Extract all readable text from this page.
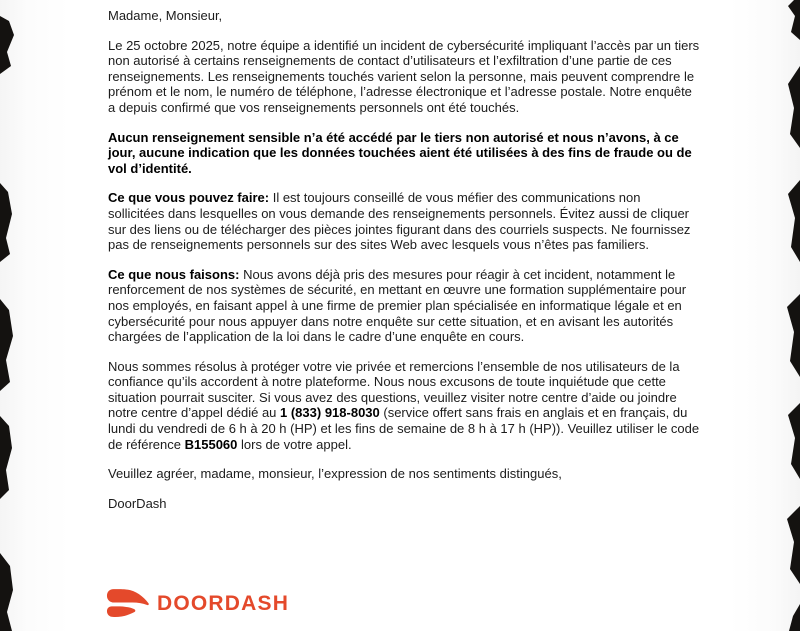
Madame, Monsieur,

Le 25 octobre 2025, notre équipe a identifié un incident de cybersécurité impliquant l’accès par un tiers non autorisé à certains renseignements de contact d’utilisateurs et l’exfiltration d’une partie de ces renseignements. Les renseignements touchés varient selon la personne, mais peuvent comprendre le prénom et le nom, le numéro de téléphone, l’adresse électronique et l’adresse postale. Notre enquête a depuis confirmé que vos renseignements personnels ont été touchés.

Aucun renseignement sensible n’a été accédé par le tiers non autorisé et nous n’avons, à ce jour, aucune indication que les données touchées aient été utilisées à des fins de fraude ou de vol d’identité.

Ce que vous pouvez faire: Il est toujours conseillé de vous méfier des communications non sollicitées dans lesquelles on vous demande des renseignements personnels. Évitez aussi de cliquer sur des liens ou de télécharger des pièces jointes figurant dans des courriels suspects. Ne fournissez pas de renseignements personnels sur des sites Web avec lesquels vous n’êtes pas familiers.

Ce que nous faisons: Nous avons déjà pris des mesures pour réagir à cet incident, notamment le renforcement de nos systèmes de sécurité, en mettant en œuvre une formation supplémentaire pour nos employés, en faisant appel à une firme de premier plan spécialisée en informatique légale et en cybersécurité pour nous appuyer dans notre enquête sur cette situation, et en avisant les autorités chargées de l’application de la loi dans le cadre d’une enquête en cours.

Nous sommes résolus à protéger votre vie privée et remercions l’ensemble de nos utilisateurs de la confiance qu’ils accordent à notre plateforme. Nous nous excusons de toute inquiétude que cette situation pourrait susciter. Si vous avez des questions, veuillez visiter notre centre d’aide ou joindre notre centre d’appel dédié au 1 (833) 918-8030 (service offert sans frais en anglais et en français, du lundi du vendredi de 6 h à 20 h (HP) et les fins de semaine de 8 h à 17 h (HP)). Veuillez utiliser le code de référence B155060 lors de votre appel.

Veuillez agréer, madame, monsieur, l’expression de nos sentiments distingués,

DoorDash

DOORDASH
